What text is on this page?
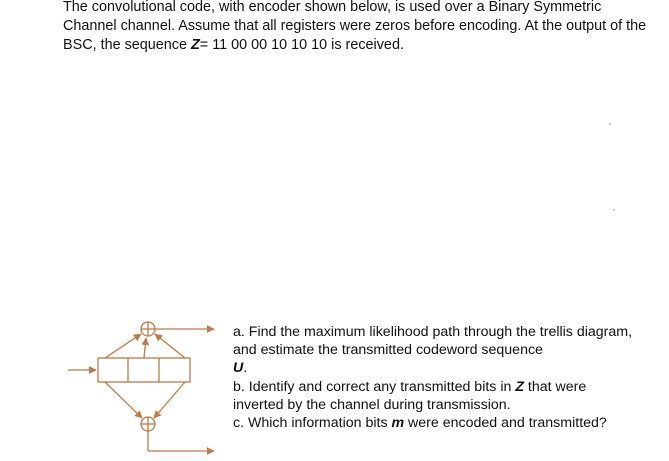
The convolutional code, with encoder shown below, is used over a Binary Symmetric Channel channel. Assume that all registers were zeros before encoding. At the output of the BSC, the sequence Z= 11 00 00 10 10 10 is received.

a. Find the maximum likelihood path through the trellis diagram, and estimate the transmitted codeword sequence
U.
b. Identify and correct any transmitted bits in Z that were inverted by the channel during transmission.
c. Which information bits m were encoded and transmitted?
